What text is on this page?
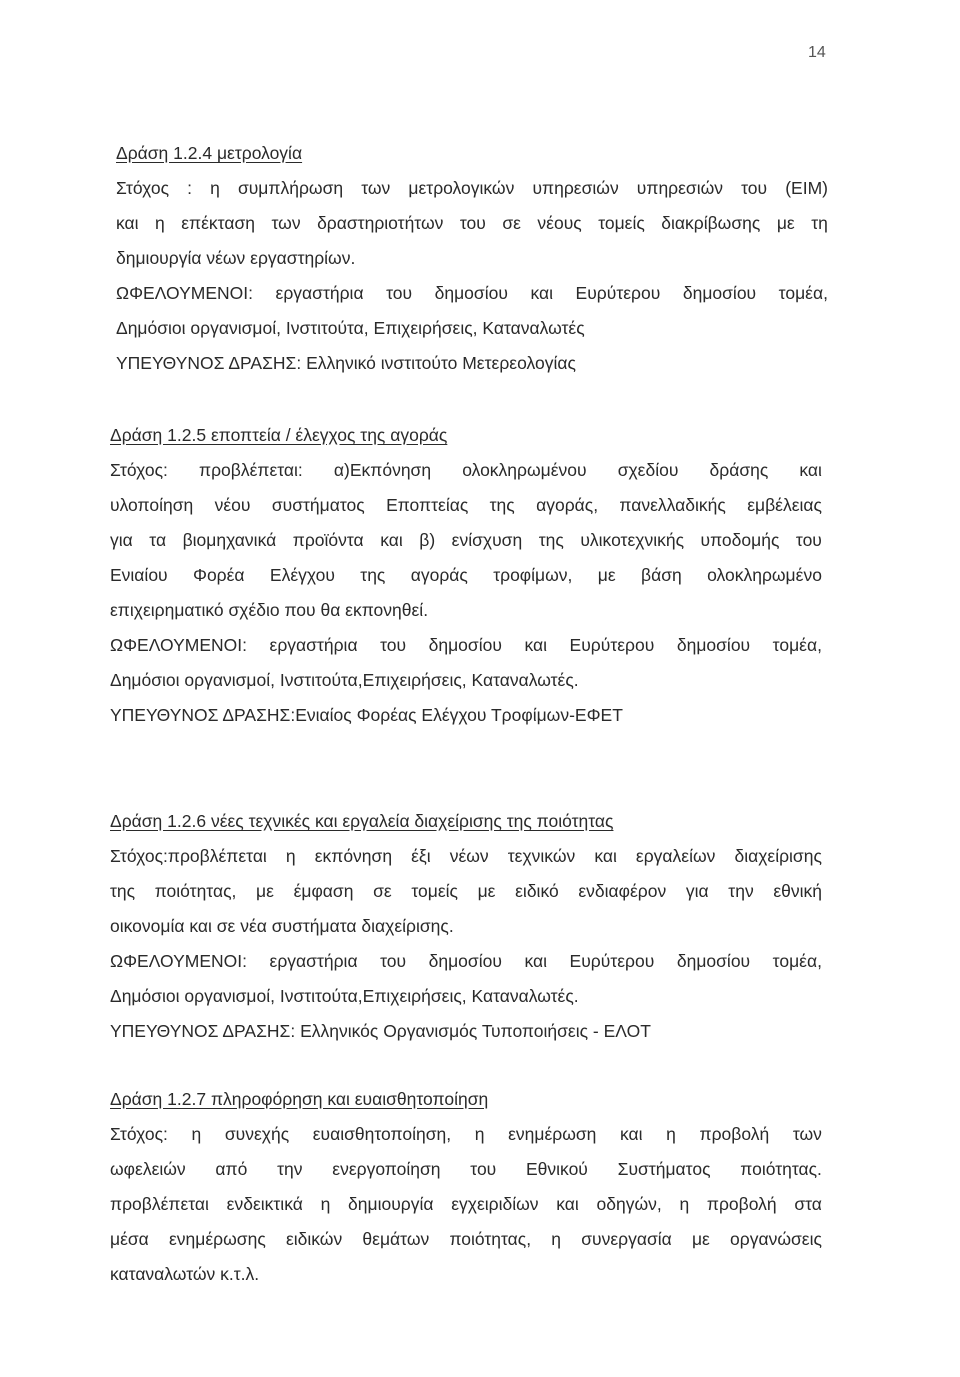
14
Δράση 1.2.4 μετρολογία
Στόχος : η συμπλήρωση των μετρολογικών υπηρεσιών υπηρεσιών του (ΕΙΜ)
και η επέκταση των δραστηριοτήτων του σε νέους τομείς διακρίβωσης με τη
δημιουργία νέων εργαστηρίων.
ΩΦΕΛΟΥΜΕΝΟΙ: εργαστήρια του δημοσίου και Ευρύτερου δημοσίου τομέα,
Δημόσιοι οργανισμοί, Ινστιτούτα, Επιχειρήσεις, Καταναλωτές
ΥΠΕΥΘΥΝΟΣ ΔΡΑΣΗΣ: Ελληνικό ινστιτούτο Μετερεολογίας
Δράση 1.2.5 εποπτεία / έλεγχος της αγοράς
Στόχος: προβλέπεται: α)Εκπόνηση ολοκληρωμένου σχεδίου δράσης και
υλοποίηση νέου συστήματος Εποπτείας της αγοράς, πανελλαδικής εμβέλειας
για τα βιομηχανικά προϊόντα και β) ενίσχυση της υλικοτεχνικής υποδομής του
Ενιαίου Φορέα Ελέγχου της αγοράς τροφίμων, με βάση ολοκληρωμένο
επιχειρηματικό σχέδιο που θα εκπονηθεί.
ΩΦΕΛΟΥΜΕΝΟΙ: εργαστήρια του δημοσίου και Ευρύτερου δημοσίου τομέα,
Δημόσιοι οργανισμοί, Ινστιτούτα,Επιχειρήσεις, Καταναλωτές.
ΥΠΕΥΘΥΝΟΣ ΔΡΑΣΗΣ:Ενιαίος Φορέας Ελέγχου Τροφίμων-ΕΦΕΤ
Δράση 1.2.6 νέες τεχνικές και εργαλεία διαχείρισης της ποιότητας
Στόχος:προβλέπεται η εκπόνηση έξι νέων τεχνικών και εργαλείων διαχείρισης
της ποιότητας, με έμφαση σε τομείς με ειδικό ενδιαφέρον για την εθνική
οικονομία και σε νέα συστήματα διαχείρισης.
ΩΦΕΛΟΥΜΕΝΟΙ: εργαστήρια του δημοσίου και Ευρύτερου δημοσίου τομέα,
Δημόσιοι οργανισμοί, Ινστιτούτα,Επιχειρήσεις, Καταναλωτές.
ΥΠΕΥΘΥΝΟΣ ΔΡΑΣΗΣ: Ελληνικός Οργανισμός Τυποποιήσεις - ΕΛΟΤ
Δράση 1.2.7 πληροφόρηση και ευαισθητοποίηση
Στόχος: η συνεχής ευαισθητοποίηση, η ενημέρωση και η προβολή των
ωφελειών από την ενεργοποίηση του Εθνικού Συστήματος ποιότητας.
προβλέπεται ενδεικτικά η δημιουργία εγχειριδίων και οδηγών, η προβολή στα
μέσα ενημέρωσης ειδικών θεμάτων ποιότητας, η συνεργασία με οργανώσεις
καταναλωτών κ.τ.λ.
